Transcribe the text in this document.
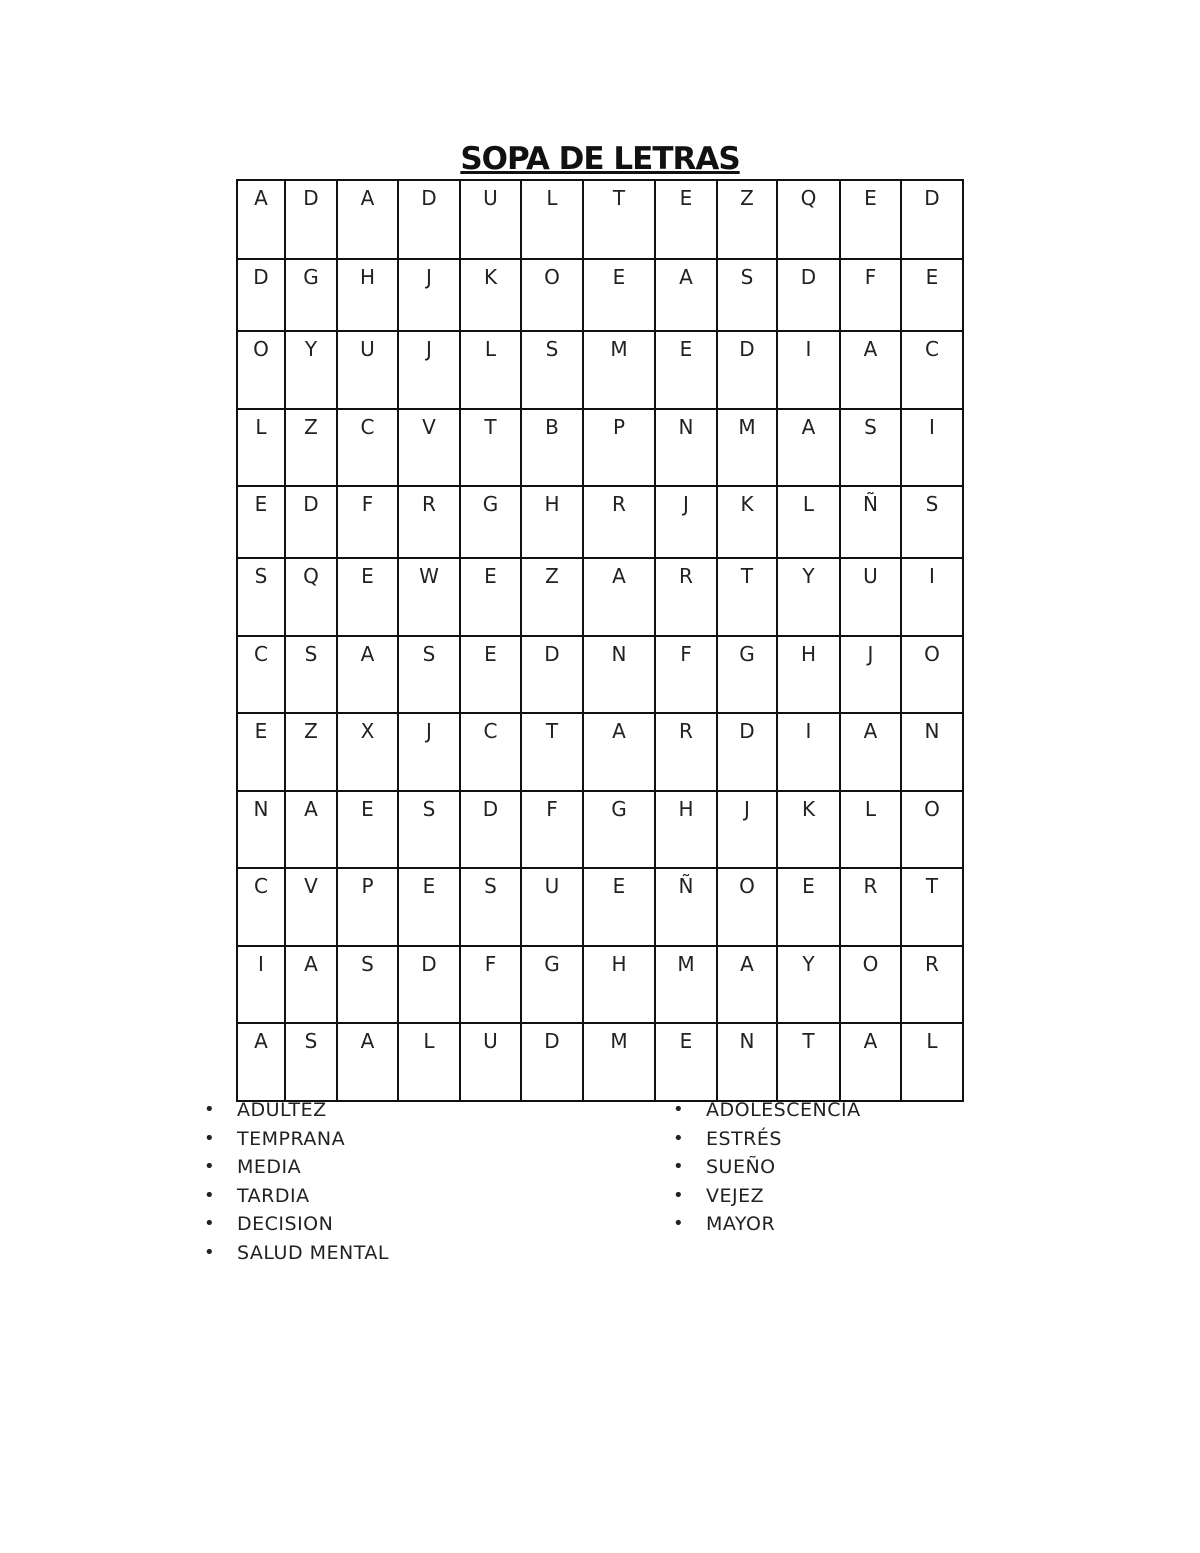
SOPA DE LETRAS
A	D	A	D	U	L	T	E	Z	Q	E	D
D	G	H	J	K	O	E	A	S	D	F	E
O	Y	U	J	L	S	M	E	D	I	A	C
L	Z	C	V	T	B	P	N	M	A	S	I
E	D	F	R	G	H	R	J	K	L	Ñ	S
S	Q	E	W	E	Z	A	R	T	Y	U	I
C	S	A	S	E	D	N	F	G	H	J	O
E	Z	X	J	C	T	A	R	D	I	A	N
N	A	E	S	D	F	G	H	J	K	L	O
C	V	P	E	S	U	E	Ñ	O	E	R	T
I	A	S	D	F	G	H	M	A	Y	O	R
A	S	A	L	U	D	M	E	N	T	A	L
• ADULTEZ
• TEMPRANA
• MEDIA
• TARDIA
• DECISION
• SALUD MENTAL
• ADOLESCENCIA
• ESTRÉS
• SUEÑO
• VEJEZ
• MAYOR
